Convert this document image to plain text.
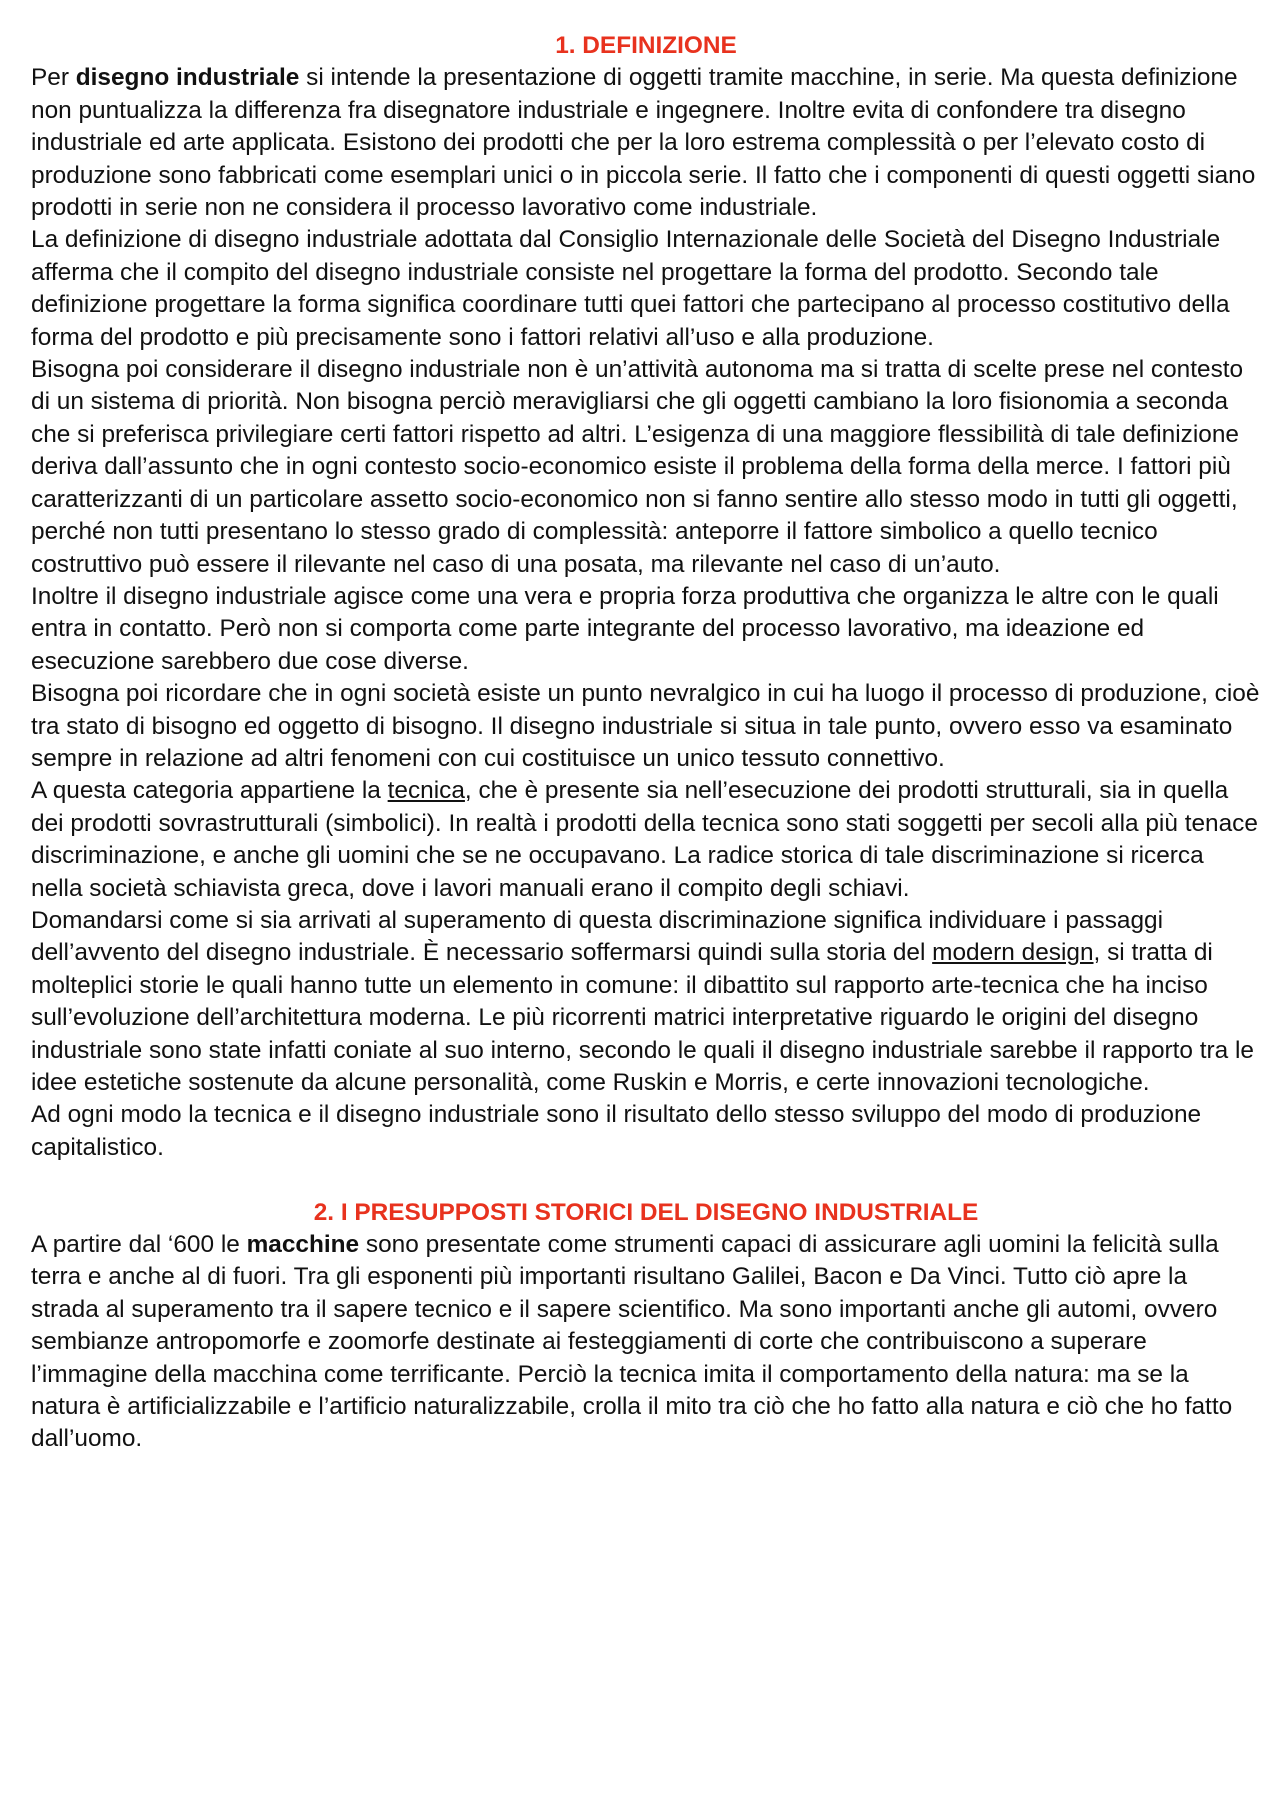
1. DEFINIZIONE

Per disegno industriale si intende la presentazione di oggetti tramite macchine, in serie. Ma questa definizione non puntualizza la differenza fra disegnatore industriale e ingegnere. Inoltre evita di confondere tra disegno industriale ed arte applicata. Esistono dei prodotti che per la loro estrema complessità o per l’elevato costo di produzione sono fabbricati come esemplari unici o in piccola serie. Il fatto che i componenti di questi oggetti siano prodotti in serie non ne considera il processo lavorativo come industriale.

La definizione di disegno industriale adottata dal Consiglio Internazionale delle Società del Disegno Industriale afferma che il compito del disegno industriale consiste nel progettare la forma del prodotto. Secondo tale definizione progettare la forma significa coordinare tutti quei fattori che partecipano al processo costitutivo della forma del prodotto e più precisamente sono i fattori relativi all’uso e alla produzione.

Bisogna poi considerare il disegno industriale non è un’attività autonoma ma si tratta di scelte prese nel contesto di un sistema di priorità. Non bisogna perciò meravigliarsi che gli oggetti cambiano la loro fisionomia a seconda che si preferisca privilegiare certi fattori rispetto ad altri. L’esigenza di una maggiore flessibilità di tale definizione deriva dall’assunto che in ogni contesto socio-economico esiste il problema della forma della merce. I fattori più caratterizzanti di un particolare assetto socio-economico non si fanno sentire allo stesso modo in tutti gli oggetti, perché non tutti presentano lo stesso grado di complessità: anteporre il fattore simbolico a quello tecnico costruttivo può essere il rilevante nel caso di una posata, ma rilevante nel caso di un’auto.

Inoltre il disegno industriale agisce come una vera e propria forza produttiva che organizza le altre con le quali entra in contatto. Però non si comporta come parte integrante del processo lavorativo, ma ideazione ed esecuzione sarebbero due cose diverse.

Bisogna poi ricordare che in ogni società esiste un punto nevralgico in cui ha luogo il processo di produzione, cioè tra stato di bisogno ed oggetto di bisogno. Il disegno industriale si situa in tale punto, ovvero esso va esaminato sempre in relazione ad altri fenomeni con cui costituisce un unico tessuto connettivo.

A questa categoria appartiene la tecnica, che è presente sia nell’esecuzione dei prodotti strutturali, sia in quella dei prodotti sovrastrutturali (simbolici). In realtà i prodotti della tecnica sono stati soggetti per secoli alla più tenace discriminazione, e anche gli uomini che se ne occupavano. La radice storica di tale discriminazione si ricerca nella società schiavista greca, dove i lavori manuali erano il compito degli schiavi.

Domandarsi come si sia arrivati al superamento di questa discriminazione significa individuare i passaggi dell’avvento del disegno industriale. È necessario soffermarsi quindi sulla storia del modern design, si tratta di molteplici storie le quali hanno tutte un elemento in comune: il dibattito sul rapporto arte-tecnica che ha inciso sull’evoluzione dell’architettura moderna. Le più ricorrenti matrici interpretative riguardo le origini del disegno industriale sono state infatti coniate al suo interno, secondo le quali il disegno industriale sarebbe il rapporto tra le idee estetiche sostenute da alcune personalità, come Ruskin e Morris, e certe innovazioni tecnologiche.

Ad ogni modo la tecnica e il disegno industriale sono il risultato dello stesso sviluppo del modo di produzione capitalistico.

2. I PRESUPPOSTI STORICI DEL DISEGNO INDUSTRIALE

A partire dal ‘600 le macchine sono presentate come strumenti capaci di assicurare agli uomini la felicità sulla terra e anche al di fuori. Tra gli esponenti più importanti risultano Galilei, Bacon e Da Vinci. Tutto ciò apre la strada al superamento tra il sapere tecnico e il sapere scientifico. Ma sono importanti anche gli automi, ovvero sembianze antropomorfe e zoomorfe destinate ai festeggiamenti di corte che contribuiscono a superare l’immagine della macchina come terrificante. Perciò la tecnica imita il comportamento della natura: ma se la natura è artificializzabile e l’artificio naturalizzabile, crolla il mito tra ciò che ho fatto alla natura e ciò che ho fatto dall’uomo.
